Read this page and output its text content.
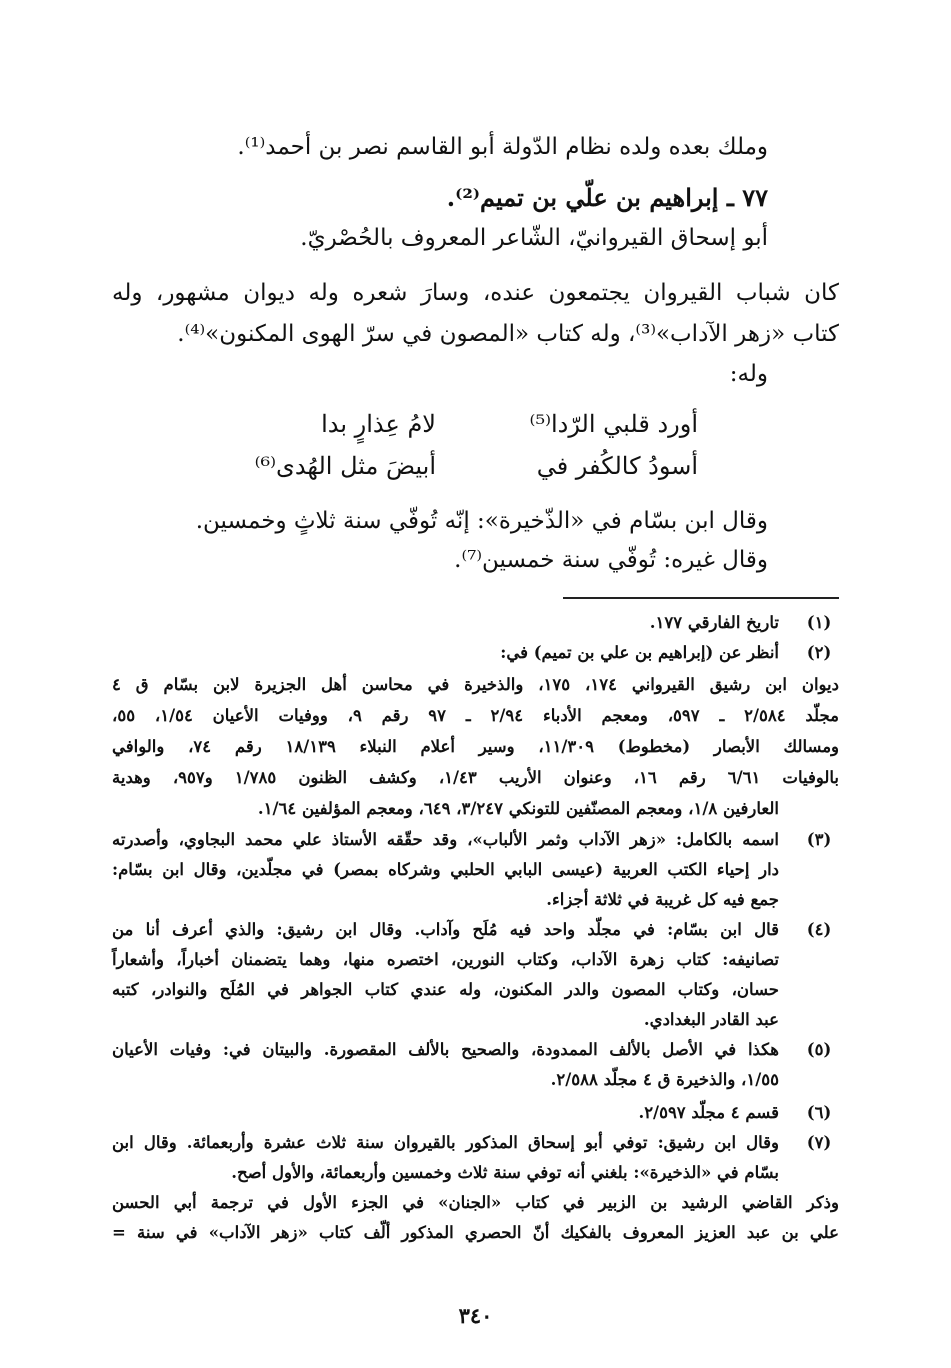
وملك بعده ولده نظام الدّولة أبو القاسم نصر بن أحمد⁽¹⁾.
٧٧ ـ إبراهيم بن علّي بن تميم⁽²⁾.
أبو إسحاق القيروانيّ، الشّاعر المعروف بالحُصْريّ.
كان شباب القيروان يجتمعون عنده، وسارَ شعره وله ديوان مشهور، وله
كتاب «زهر الآداب»⁽³⁾، وله كتاب «المصون في سرّ الهوى المكنون»⁽⁴⁾.
وله:
أورد قلبي الرّدا⁽⁵⁾
لامُ عِذارٍ بدا
أسودُ كالكُفر في
أبيضَ مثل الهُدى⁽⁶⁾
وقال ابن بسّام في «الذّخيرة»: إنّه تُوفّي سنة ثلاثٍ وخمسين.
وقال غيره: تُوفّي سنة خمسين⁽⁷⁾.
(١)
تاريخ الفارقي ١٧٧.
(٢)
أنظر عن (إبراهيم بن علي بن تميم) في:
ديوان ابن رشيق القيرواني ١٧٤، ١٧٥، والذخيرة في محاسن أهل الجزيرة لابن بسّام ق ٤
مجلّد ٢/٥٨٤ ـ ٥٩٧، ومعجم الأدباء ٢/٩٤ ـ ٩٧ رقم ٩، ووفيات الأعيان ١/٥٤، ٥٥،
ومسالك الأبصار (مخطوط) ١١/٣٠٩، وسير أعلام النبلاء ١٨/١٣٩ رقم ٧٤، والوافي
بالوفيات ٦/٦١ رقم ١٦، وعنوان الأريب ١/٤٣، وكشف الظنون ١/٧٨٥ و٩٥٧، وهدية
العارفين ١/٨، ومعجم المصنّفين للتونكي ٣/٢٤٧، ٦٤٩، ومعجم المؤلفين ١/٦٤.
(٣)
اسمه بالكامل: «زهر الآداب وثمر الألباب»، وقد حقّقه الأستاذ علي محمد البجاوي، وأصدرته
دار إحياء الكتب العربية (عيسى البابي الحلبي وشركاه بمصر) في مجلّدين، وقال ابن بسّام:
جمع فيه كل غريبة في ثلاثة أجزاء.
(٤)
قال ابن بسّام: في مجلّد واحد فيه مُلَح وآداب. وقال ابن رشيق: والذي أعرف أنا من
تصانيفه: كتاب زهرة الآداب، وكتاب النورين، اختصره منها، وهما يتضمنان أخباراً، وأشعاراً
حسان، وكتاب المصون والدر المكنون، وله عندي كتاب الجواهر في المُلَح والنوادر، كتبه
عبد القادر البغدادي.
(٥)
هكذا في الأصل بالألف الممدودة، والصحيح بالألف المقصورة. والبيتان في: وفيات الأعيان
١/٥٥، والذخيرة ق ٤ مجلّد ٢/٥٨٨.
(٦)
قسم ٤ مجلّد ٢/٥٩٧.
(٧)
وقال ابن رشيق: توفي أبو إسحاق المذكور بالقيروان سنة ثلاث عشرة وأربعمائة. وقال ابن
بسّام في «الذخيرة»: بلغني أنه توفي سنة ثلاث وخمسين وأربعمائة، والأول أصح.
وذكر القاضي الرشيد بن الزبير في كتاب «الجنان» في الجزء الأول في ترجمة أبي الحسن
علي بن عبد العزيز المعروف بالفكيك أنّ الحصري المذكور ألّف كتاب «زهر الآداب» في سنة =
٣٤٠
